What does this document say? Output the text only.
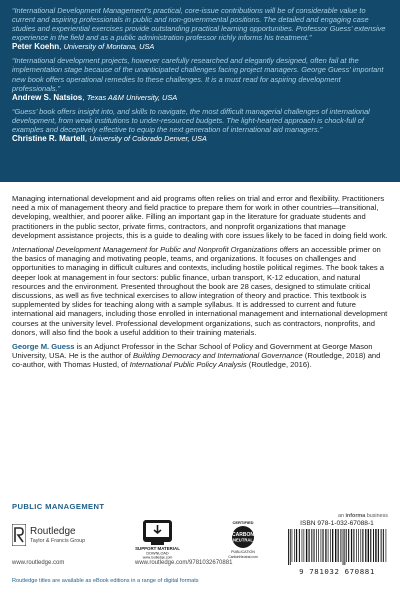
“International Development Management’s practical, core-issue contributions will be of considerable value to current and aspiring professionals in public and non-governmental positions. The detailed and engaging case studies and experiential exercises provide outstanding practical learning opportunities. Professor Guess’ extensive experience in the field and as a public administration professor richly informs his treatment.”

Peter Koehn, University of Montana, USA

“International development projects, however carefully researched and elegantly designed, often fail at the implementation stage because of the unanticipated challenges facing project managers. George Guess’ important new book offers operational remedies to these challenges. It is a must read for aspiring development professionals.”

Andrew S. Natsios, Texas A&M University, USA

“Guess’ book offers insight into, and skills to navigate, the most difficult managerial challenges of international development, from weak institutions to under-resourced budgets. The light-hearted approach is chock-full of examples and deceptively effective to equip the next generation of international aid managers.”

Christine R. Martell, University of Colorado Denver, USA

Managing international development and aid programs often relies on trial and error and flexibility. Practitioners need a mix of management theory and field practice to prepare them for work in other countries—transitional, developing, wealthier, and poorer alike. Filling an important gap in the literature for graduate students and practitioners in the public sector, private firms, contractors, and nonprofit organizations that manage development assistance projects, this is a guide to dealing with core issues likely to be faced in doing field work.

International Development Management for Public and Nonprofit Organizations offers an accessible primer on the basics of managing and motivating people, teams, and organizations. It focuses on challenges and opportunities to managing in difficult cultures and contexts, including hostile political regimes. The book takes a deeper look at management in four sectors: public finance, urban transport, K-12 education, and natural resources and the environment. Presented throughout the book are 28 cases, designed to stimulate critical discussions, as well as five technical exercises to allow integration of theory and practice. This textbook is supplemented by slides for teaching along with a sample syllabus. It is addressed to current and future international aid managers, including those enrolled in international management and international development courses at the university level. Professional development organizations, such as contractors, nonprofits, and donors, will also find the book a useful addition to their training materials.

George M. Guess is an Adjunct Professor in the Schar School of Policy and Government at George Mason University, USA. He is the author of Building Democracy and International Governance (Routledge, 2018) and co-author, with Thomas Husted, of International Public Policy Analysis (Routledge, 2016).

PUBLIC MANAGEMENT
an informa business
Routledge
Taylor & Francis Group
SUPPORT MATERIAL
DOWNLOAD
www.routledge.com
CERTIFIED
CARBON
NEUTRAL
PUBLICATION
CarbonNeutral.com
ISBN 978-1-032-67088-1
9 781032 670881
www.routledge.com	www.routledge.com/9781032670881
Routledge titles are available as eBook editions in a range of digital formats
